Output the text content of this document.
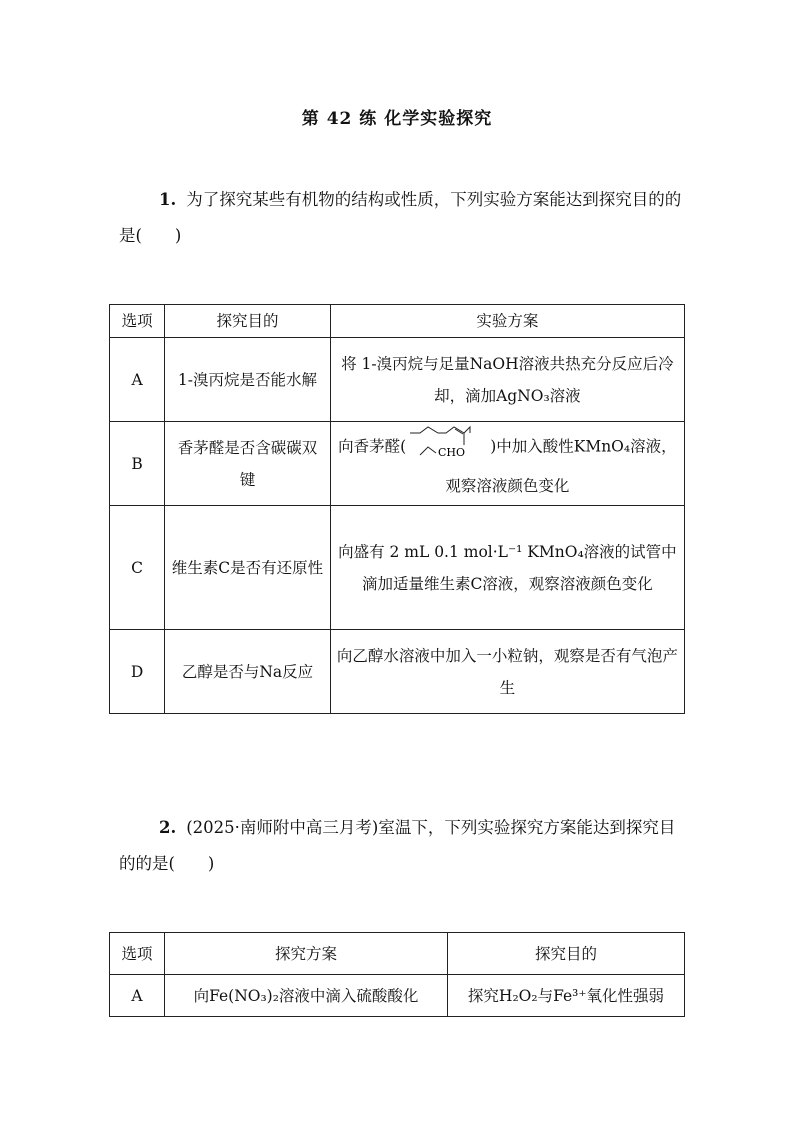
第 42 练 化学实验探究
1. 为了探究某些有机物的结构或性质，下列实验方案能达到探究目的的是(　　)
选项	探究目的	实验方案
A	1-溴丙烷是否能水解	将 1-溴丙烷与足量NaOH溶液共热充分反应后冷却，滴加AgNO₃溶液
B	香茅醛是否含碳碳双键	向香茅醛( CHO )中加入酸性KMnO₄溶液，观察溶液颜色变化
C	维生素C是否有还原性	向盛有 2 mL 0.1 mol·L⁻¹ KMnO₄溶液的试管中滴加适量维生素C溶液，观察溶液颜色变化
D	乙醇是否与Na反应	向乙醇水溶液中加入一小粒钠，观察是否有气泡产生
2. (2025·南师附中高三月考)室温下，下列实验探究方案能达到探究目的的是(　　)
选项	探究方案	探究目的
A	向Fe(NO₃)₂溶液中滴入硫酸酸化	探究H₂O₂与Fe³⁺氧化性强弱
